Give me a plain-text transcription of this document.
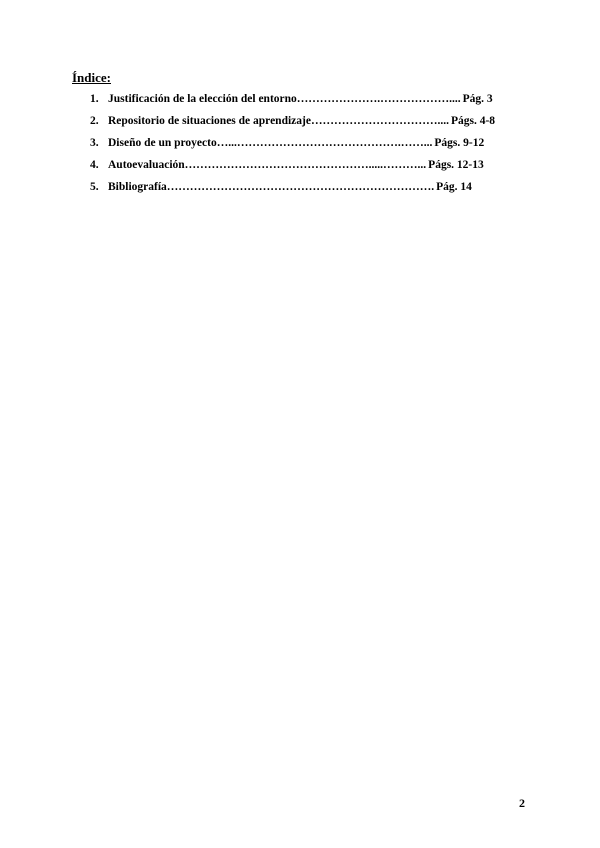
Índice:

1. Justificación de la elección del entorno ………………….……………….... Pág. 3
2. Repositorio de situaciones de aprendizaje …………………………….... Págs. 4-8
3. Diseño de un proyecto …...…………………………………….……... Págs. 9-12
4. Autoevaluación ………………………………………….....………... Págs. 12-13
5. Bibliografía ……………………………………………………………. Pág. 14
2
